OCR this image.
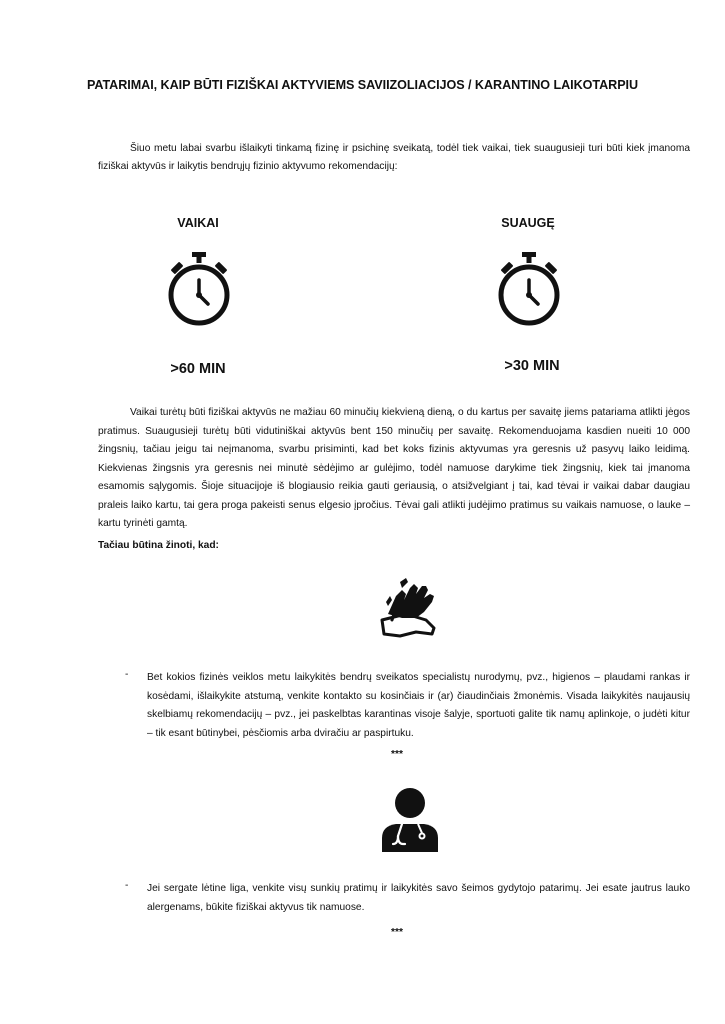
PATARIMAI, KAIP BŪTI FIZIŠKAI AKTYVIEMS SAVIIZOLIACIJOS / KARANTINO LAIKOTARPIU

Šiuo metu labai svarbu išlaikyti tinkamą fizinę ir psichinę sveikatą, todėl tiek vaikai, tiek suaugusieji turi būti kiek įmanoma fiziškai aktyvūs ir laikytis bendrųjų fizinio aktyvumo rekomendacijų:

VAIKAI
>60 MIN
SUAUGĘ
>30 MIN

Vaikai turėtų būti fiziškai aktyvūs ne mažiau 60 minučių kiekvieną dieną, o du kartus per savaitę jiems patariama atlikti jėgos pratimus. Suaugusieji turėtų būti vidutiniškai aktyvūs bent 150 minučių per savaitę. Rekomenduojama kasdien nueiti 10 000 žingsnių, tačiau jeigu tai neįmanoma, svarbu prisiminti, kad bet koks fizinis aktyvumas yra geresnis už pasyvų laiko leidimą. Kiekvienas žingsnis yra geresnis nei minutė sėdėjimo ar gulėjimo, todėl namuose darykime tiek žingsnių, kiek tai įmanoma esamomis sąlygomis. Šioje situacijoje iš blogiausio reikia gauti geriausią, o atsižvelgiant į tai, kad tėvai ir vaikai dabar daugiau praleis laiko kartu, tai gera proga pakeisti senus elgesio įpročius. Tėvai gali atlikti judėjimo pratimus su vaikais namuose, o lauke – kartu tyrinėti gamtą.

Tačiau būtina žinoti, kad:
- Bet kokios fizinės veiklos metu laikykitės bendrų sveikatos specialistų nurodymų, pvz., higienos – plaudami rankas ir kosėdami, išlaikykite atstumą, venkite kontakto su kosinčiais ir (ar) čiaudinčiais žmonėmis. Visada laikykitės naujausių skelbiamų rekomendacijų – pvz., jei paskelbtas karantinas visoje šalyje, sportuoti galite tik namų aplinkoje, o judėti kitur – tik esant būtinybei, pėsčiomis arba dviračiu ar paspirtuku.

***
- Jei sergate lėtine liga, venkite visų sunkių pratimų ir laikykitės savo šeimos gydytojo patarimų. Jei esate jautrus lauko alergenams, būkite fiziškai aktyvus tik namuose.

***
